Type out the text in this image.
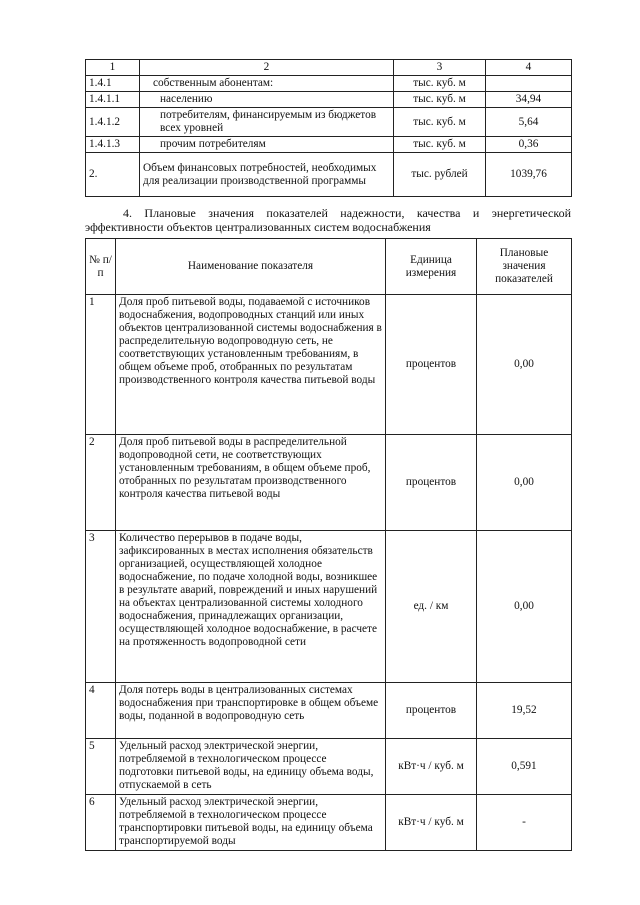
1	2	3	4
1.4.1	собственным абонентам:	тыс. куб. м	
1.4.1.1	населению	тыс. куб. м	34,94
1.4.1.2	потребителям, финансируемым из бюджетов всех уровней	тыс. куб. м	5,64
1.4.1.3	прочим потребителям	тыс. куб. м	0,36
2.	Объем финансовых потребностей, необходимых для реализации производственной программы	тыс. рублей	1039,76
4. Плановые значения показателей надежности, качества и энергетической эффективности объектов централизованных систем водоснабжения
№ п/п	Наименование показателя	Единица измерения	Плановые значения показателей
1	Доля проб питьевой воды, подаваемой с источников водоснабжения, водопроводных станций или иных объектов централизованной системы водоснабжения в распределительную водопроводную сеть, не соответствующих установленным требованиям, в общем объеме проб, отобранных по результатам производственного контроля качества питьевой воды	процентов	0,00
2	Доля проб питьевой воды в распределительной водопроводной сети, не соответствующих установленным требованиям, в общем объеме проб, отобранных по результатам производственного контроля качества питьевой воды	процентов	0,00
3	Количество перерывов в подаче воды, зафиксированных в местах исполнения обязательств организацией, осуществляющей холодное водоснабжение, по подаче холодной воды, возникшее в результате аварий, повреждений и иных нарушений на объектах централизованной системы холодного водоснабжения, принадлежащих организации, осуществляющей холодное водоснабжение, в расчете на протяженность водопроводной сети	ед. / км	0,00
4	Доля потерь воды в централизованных системах водоснабжения при транспортировке в общем объеме воды, поданной в водопроводную сеть	процентов	19,52
5	Удельный расход электрической энергии, потребляемой в технологическом процессе подготовки питьевой воды, на единицу объема воды, отпускаемой в сеть	кВт·ч / куб. м	0,591
6	Удельный расход электрической энергии, потребляемой в технологическом процессе транспортировки питьевой воды, на единицу объема транспортируемой воды	кВт·ч / куб. м	-
